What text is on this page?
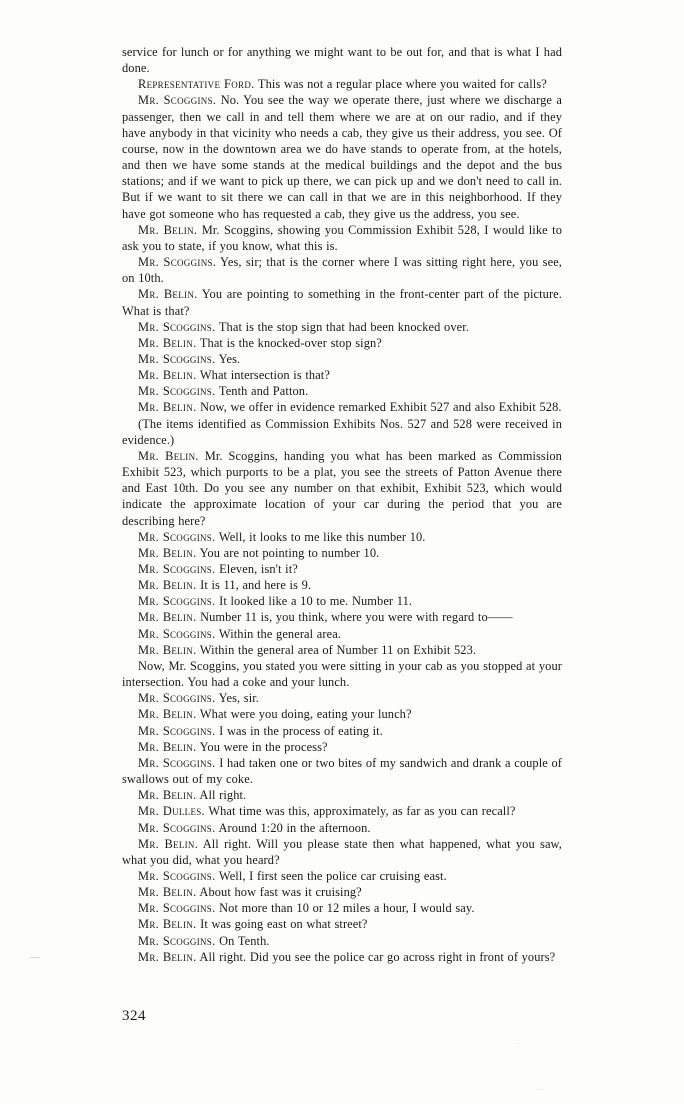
service for lunch or for anything we might want to be out for, and that is what I had done.

Representative Ford. This was not a regular place where you waited for calls?

Mr. Scoggins. No. You see the way we operate there, just where we discharge a passenger, then we call in and tell them where we are at on our radio, and if they have anybody in that vicinity who needs a cab, they give us their address, you see. Of course, now in the downtown area we do have stands to operate from, at the hotels, and then we have some stands at the medical buildings and the depot and the bus stations; and if we want to pick up there, we can pick up and we don't need to call in. But if we want to sit there we can call in that we are in this neighborhood. If they have got someone who has requested a cab, they give us the address, you see.

Mr. Belin. Mr. Scoggins, showing you Commission Exhibit 528, I would like to ask you to state, if you know, what this is.

Mr. Scoggins. Yes, sir; that is the corner where I was sitting right here, you see, on 10th.

Mr. Belin. You are pointing to something in the front-center part of the picture. What is that?

Mr. Scoggins. That is the stop sign that had been knocked over.

Mr. Belin. That is the knocked-over stop sign?

Mr. Scoggins. Yes.

Mr. Belin. What intersection is that?

Mr. Scoggins. Tenth and Patton.

Mr. Belin. Now, we offer in evidence remarked Exhibit 527 and also Exhibit 528.

(The items identified as Commission Exhibits Nos. 527 and 528 were received in evidence.)

Mr. Belin. Mr. Scoggins, handing you what has been marked as Commission Exhibit 523, which purports to be a plat, you see the streets of Patton Avenue there and East 10th. Do you see any number on that exhibit, Exhibit 523, which would indicate the approximate location of your car during the period that you are describing here?

Mr. Scoggins. Well, it looks to me like this number 10.

Mr. Belin. You are not pointing to number 10.

Mr. Scoggins. Eleven, isn't it?

Mr. Belin. It is 11, and here is 9.

Mr. Scoggins. It looked like a 10 to me. Number 11.

Mr. Belin. Number 11 is, you think, where you were with regard to——

Mr. Scoggins. Within the general area.

Mr. Belin. Within the general area of Number 11 on Exhibit 523.

Now, Mr. Scoggins, you stated you were sitting in your cab as you stopped at your intersection. You had a coke and your lunch.

Mr. Scoggins. Yes, sir.

Mr. Belin. What were you doing, eating your lunch?

Mr. Scoggins. I was in the process of eating it.

Mr. Belin. You were in the process?

Mr. Scoggins. I had taken one or two bites of my sandwich and drank a couple of swallows out of my coke.

Mr. Belin. All right.

Mr. Dulles. What time was this, approximately, as far as you can recall?

Mr. Scoggins. Around 1:20 in the afternoon.

Mr. Belin. All right. Will you please state then what happened, what you saw, what you did, what you heard?

Mr. Scoggins. Well, I first seen the police car cruising east.

Mr. Belin. About how fast was it cruising?

Mr. Scoggins. Not more than 10 or 12 miles a hour, I would say.

Mr. Belin. It was going east on what street?

Mr. Scoggins. On Tenth.

Mr. Belin. All right. Did you see the police car go across right in front of yours?

324
.
..
